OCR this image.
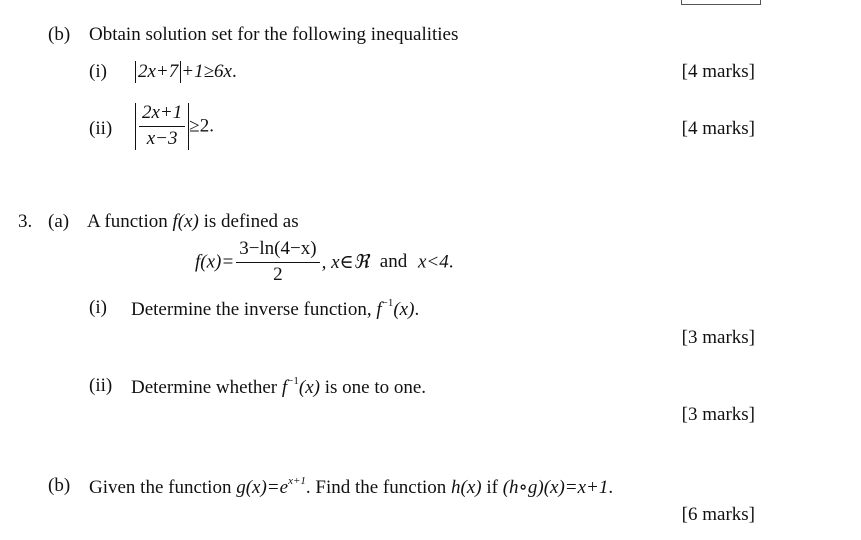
(b) Obtain solution set for the following inequalities
(i) 2x+7 +1≥6x.	[4 marks]
$(ii) \frac{2x+1}{x-3} \ge 2$.	[4 marks]
3. (a) A function f(x) is defined as
$f(x)= \frac{3-\ln(4-x)}{2}$ , x∈ℜ and x<4.
(i) Determine the inverse function, $f^{-1}(x)$.
[3 marks]
(ii) Determine whether $f^{-1}(x)$ is one to one.
[3 marks]
(b) Given the function $g(x)=e^{x+1}$. Find the function h(x) if (h∘g)(x)=x+1.
[6 marks]
